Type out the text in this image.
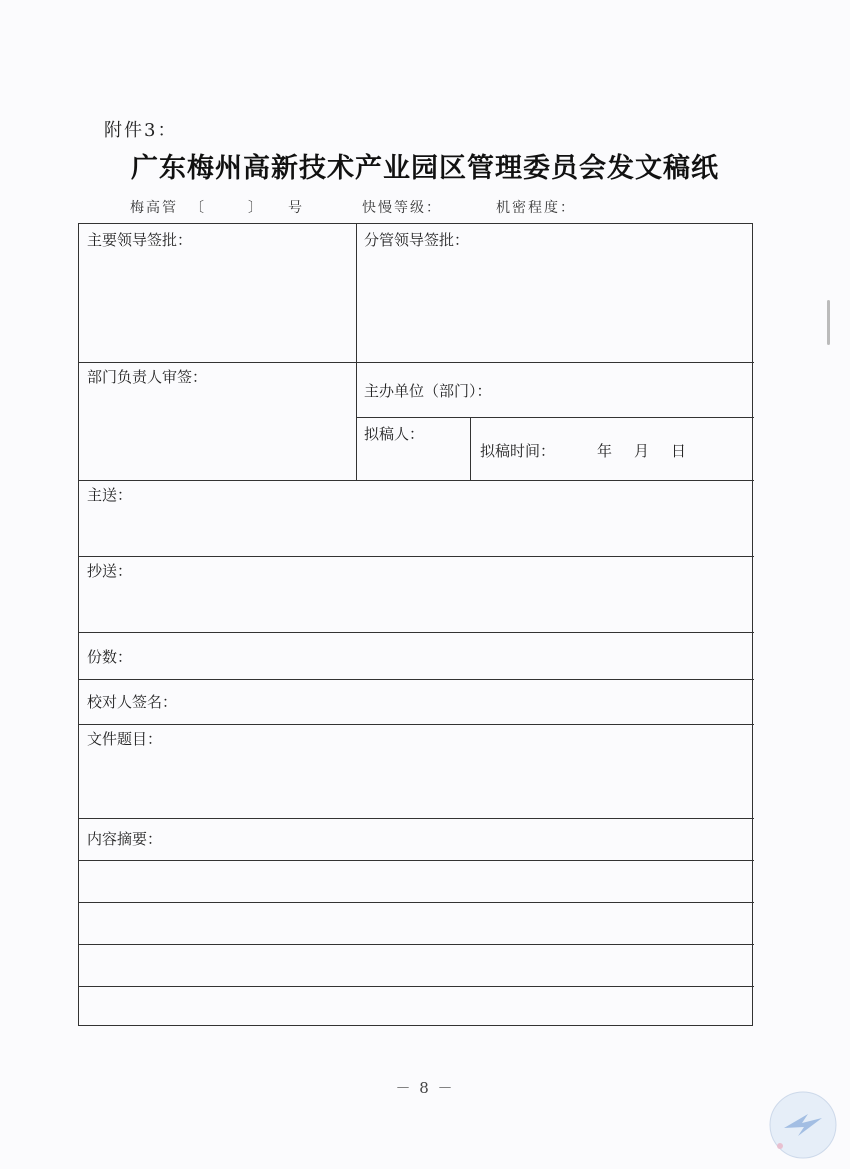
附件3：
广东梅州高新技术产业园区管理委员会发文稿纸
梅高管 〔	〕 号	快慢等级：	机密程度：
主要领导签批：	分管领导签批：
部门负责人审签：
主办单位（部门）：
拟稿人：
拟稿时间：	年 月 日
主送：
抄送：
份数：
校对人签名：
文件题目：
内容摘要：
－ 8 －
